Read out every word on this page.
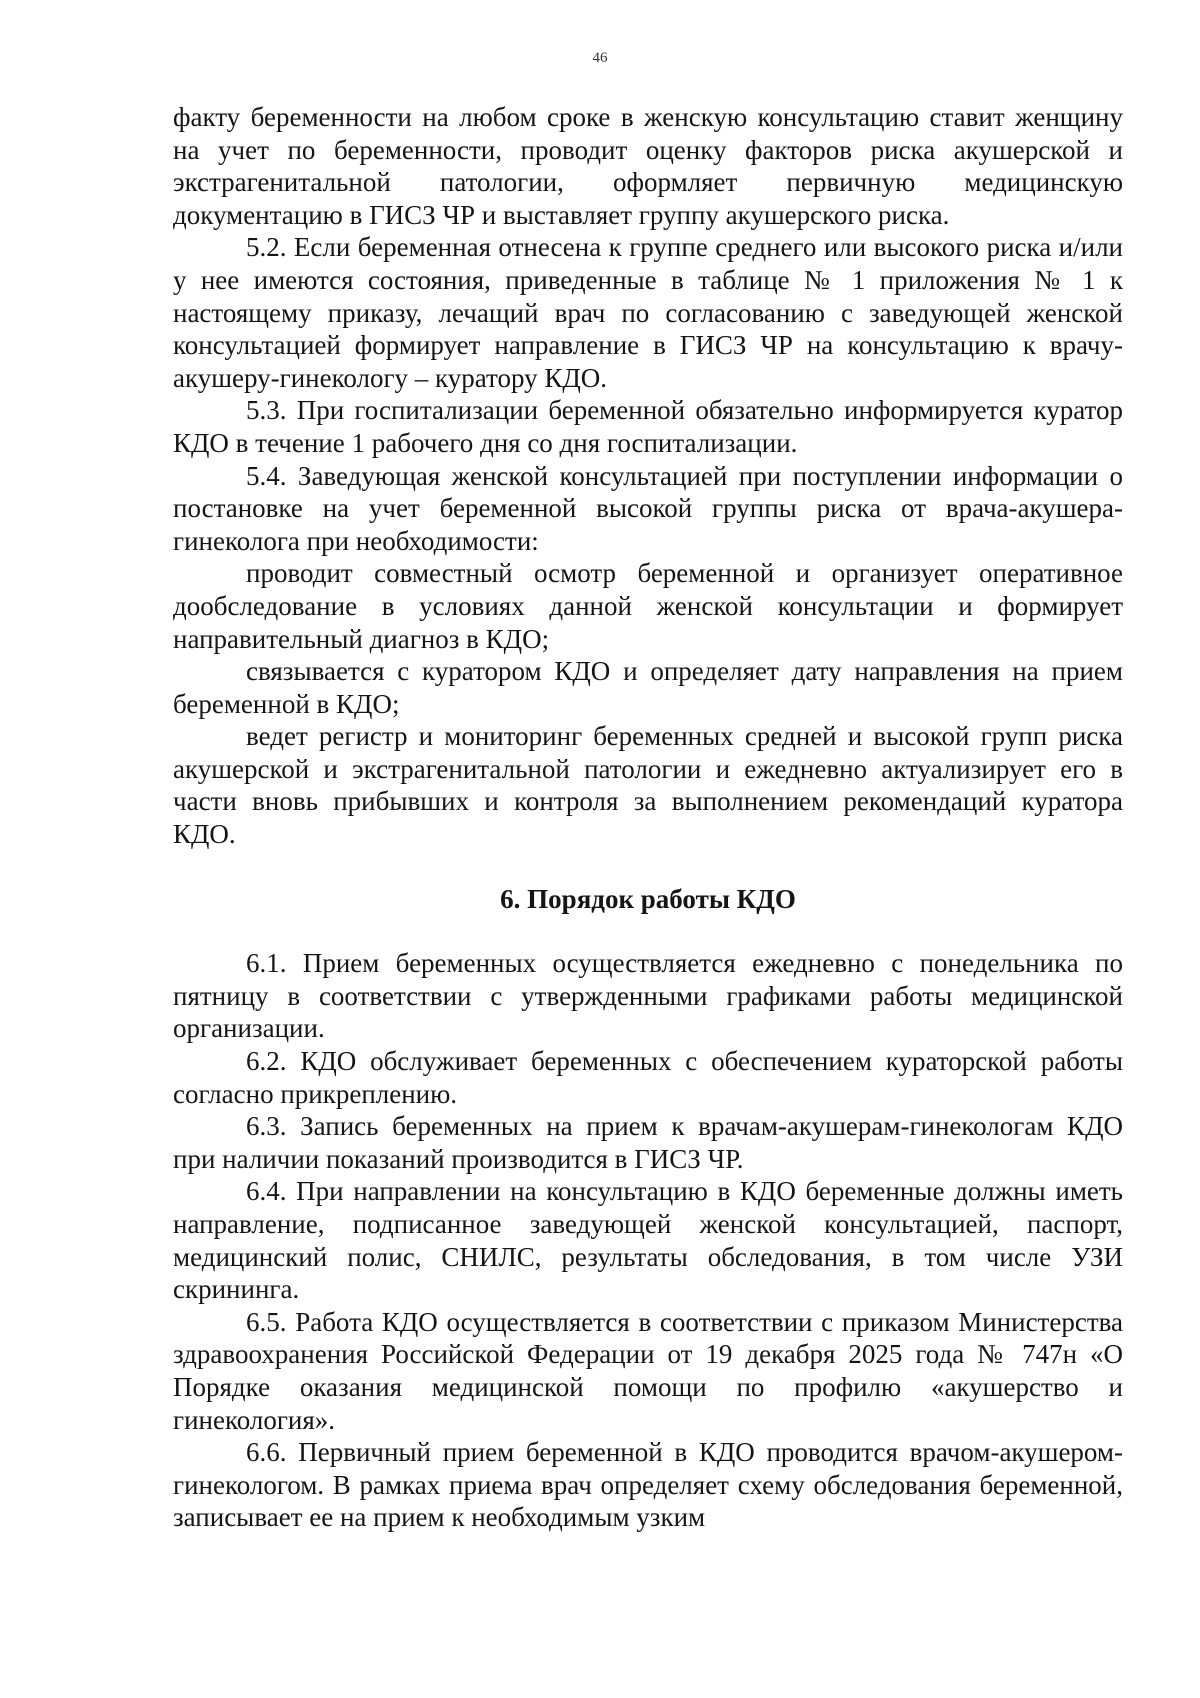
46

факту беременности на любом сроке в женскую консультацию ставит женщину на учет по беременности, проводит оценку факторов риска акушерской и экстрагенитальной патологии, оформляет первичную медицинскую документацию в ГИСЗ ЧР и выставляет группу акушерского риска.

5.2. Если беременная отнесена к группе среднего или высокого риска и/или у нее имеются состояния, приведенные в таблице № 1 приложения № 1 к настоящему приказу, лечащий врач по согласованию с заведующей женской консультацией формирует направление в ГИСЗ ЧР на консультацию к врачу-акушеру-гинекологу – куратору КДО.

5.3. При госпитализации беременной обязательно информируется куратор КДО в течение 1 рабочего дня со дня госпитализации.

5.4. Заведующая женской консультацией при поступлении информации о постановке на учет беременной высокой группы риска от врача-акушера-гинеколога при необходимости:

проводит совместный осмотр беременной и организует оперативное дообследование в условиях данной женской консультации и формирует направительный диагноз в КДО;

связывается с куратором КДО и определяет дату направления на прием беременной в КДО;

ведет регистр и мониторинг беременных средней и высокой групп риска акушерской и экстрагенитальной патологии и ежедневно актуализирует его в части вновь прибывших и контроля за выполнением рекомендаций куратора КДО.

6. Порядок работы КДО

6.1. Прием беременных осуществляется ежедневно с понедельника по пятницу в соответствии с утвержденными графиками работы медицинской организации.

6.2. КДО обслуживает беременных с обеспечением кураторской работы согласно прикреплению.

6.3. Запись беременных на прием к врачам-акушерам-гинекологам КДО при наличии показаний производится в ГИСЗ ЧР.

6.4. При направлении на консультацию в КДО беременные должны иметь направление, подписанное заведующей женской консультацией, паспорт, медицинский полис, СНИЛС, результаты обследования, в том числе УЗИ скрининга.

6.5. Работа КДО осуществляется в соответствии с приказом Министерства здравоохранения Российской Федерации от 19 декабря 2025 года № 747н «О Порядке оказания медицинской помощи по профилю «акушерство и гинекология».

6.6. Первичный прием беременной в КДО проводится врачом-акушером-гинекологом. В рамках приема врач определяет схему обследования беременной, записывает ее на прием к необходимым узким
